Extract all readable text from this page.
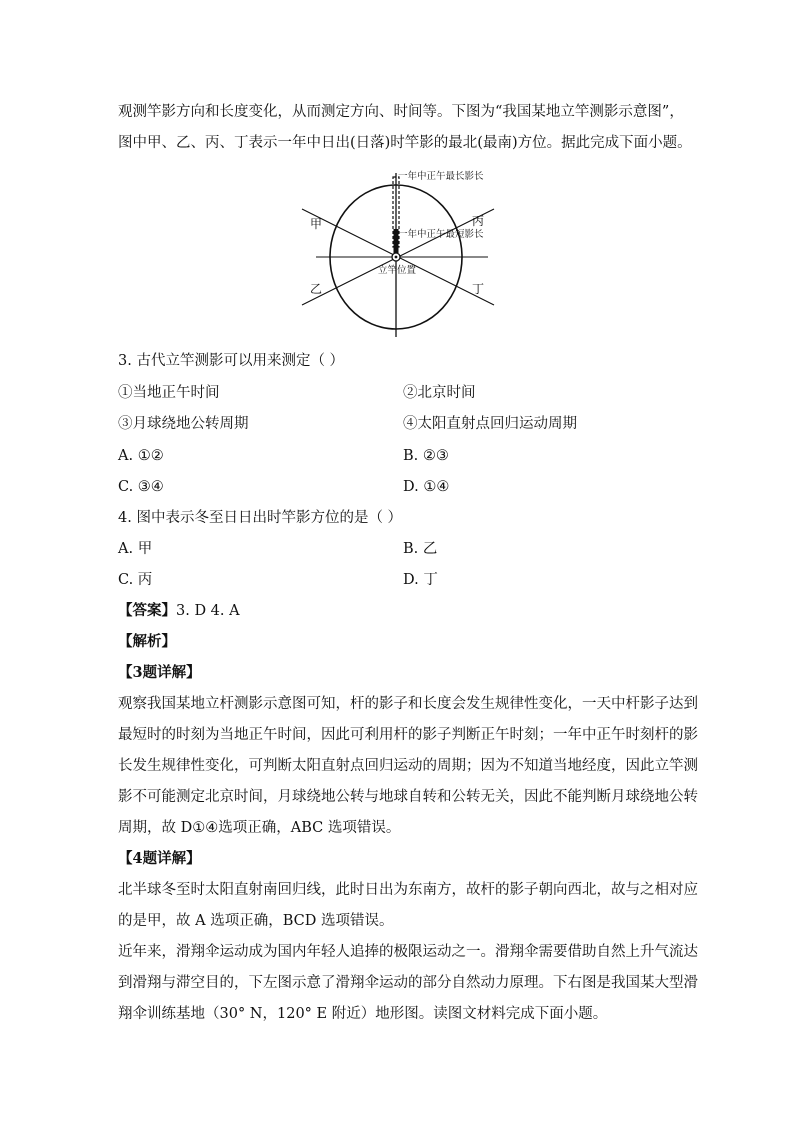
观测竿影方向和长度变化，从而测定方向、时间等。下图为“我国某地立竿测影示意图”，
图中甲、乙、丙、丁表示一年中日出(日落)时竿影的最北(最南)方位。据此完成下面小题。
一年中正午最长影长
一年中正午最短影长
立竿位置
甲
乙
丙
丁
3. 古代立竿测影可以用来测定（ ）
①当地正午时间	②北京时间
③月球绕地公转周期	④太阳直射点回归运动周期
A. ①②	B. ②③
C. ③④	D. ①④
4. 图中表示冬至日日出时竿影方位的是（ ）
A. 甲	B. 乙
C. 丙	D. 丁
【答案】3. D 4. A
【解析】
【3题详解】
观察我国某地立杆测影示意图可知，杆的影子和长度会发生规律性变化，一天中杆影子达到
最短时的时刻为当地正午时间，因此可利用杆的影子判断正午时刻；一年中正午时刻杆的影
长发生规律性变化，可判断太阳直射点回归运动的周期；因为不知道当地经度，因此立竿测
影不可能测定北京时间，月球绕地公转与地球自转和公转无关，因此不能判断月球绕地公转
周期，故 D①④选项正确，ABC 选项错误。
【4题详解】
北半球冬至时太阳直射南回归线，此时日出为东南方，故杆的影子朝向西北，故与之相对应
的是甲，故 A 选项正确，BCD 选项错误。
近年来，滑翔伞运动成为国内年轻人追捧的极限运动之一。滑翔伞需要借助自然上升气流达
到滑翔与滞空目的，下左图示意了滑翔伞运动的部分自然动力原理。下右图是我国某大型滑
翔伞训练基地（30° N，120° E 附近）地形图。读图文材料完成下面小题。
